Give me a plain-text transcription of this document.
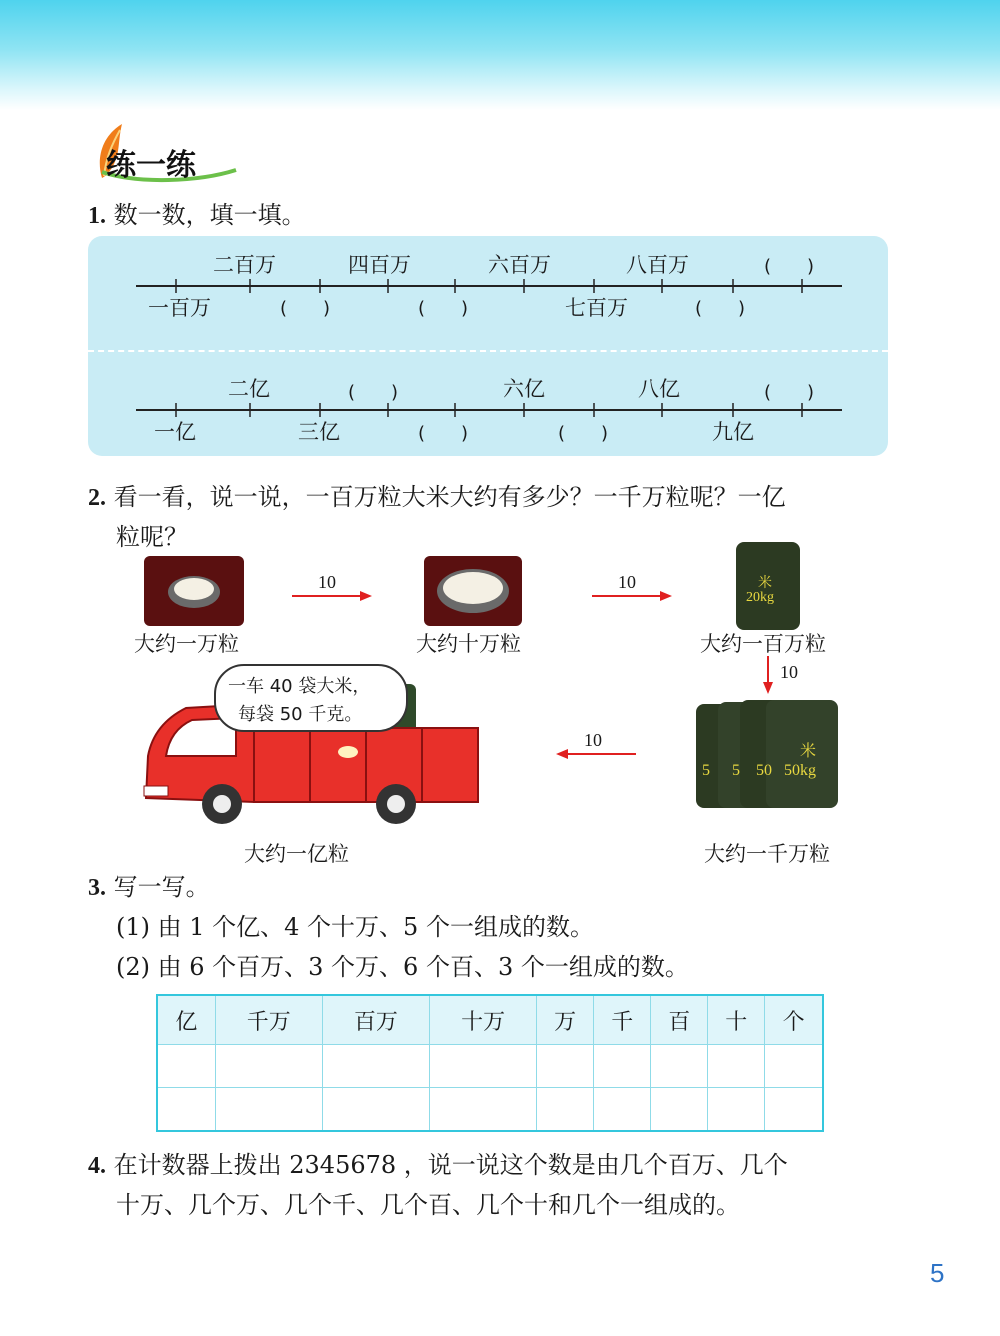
练一练
1. 数一数，填一填。
二百万	四百万	六百万	八百万	(　　)
一百万	(　　)	(　　)	七百万	(　　)
二亿	(　　)	六亿	八亿	(　　)
一亿	三亿	(　　)	(　　)	九亿
2. 看一看，说一说，一百万粒大米大约有多少？一千万粒呢？一亿
粒呢？
大约一万粒
10
大约十万粒
10	米
20kg
大约一百万粒
10
5 5 50
米
50kg
大约一千万粒
10
一车 40 袋大米，
每袋 50 千克。
大约一亿粒
3. 写一写。
(1) 由 1 个亿、4 个十万、5 个一组成的数。
(2) 由 6 个百万、3 个万、6 个百、3 个一组成的数。
亿	千万	百万	十万	万	千	百	十	个

4. 在计数器上拨出 2345678 ，说一说这个数是由几个百万、几个
十万、几个万、几个千、几个百、几个十和几个一组成的。
5
